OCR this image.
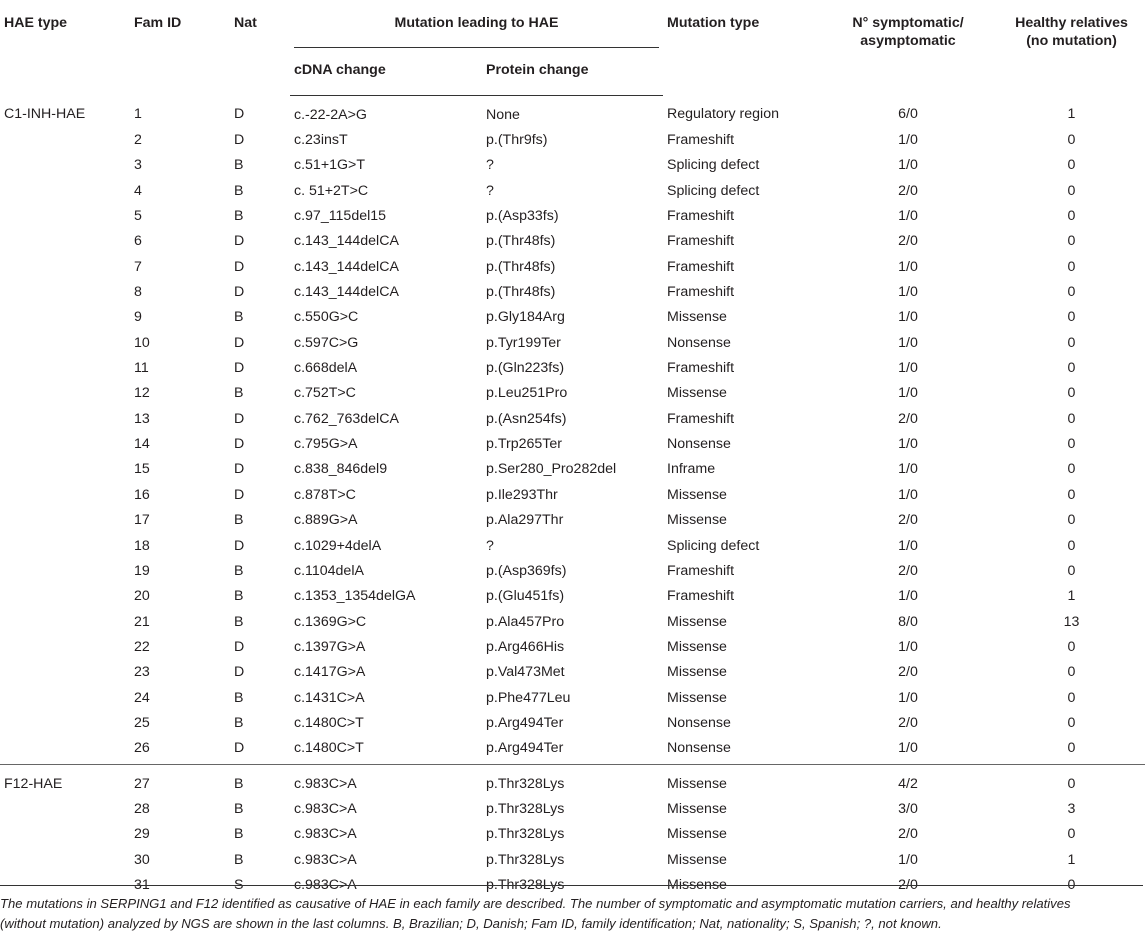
HAE type	Fam ID	Nat	Mutation leading to HAE		Mutation type	N° symptomatic/
asymptomatic	Healthy relatives
(no mutation)
			cDNA change	Protein change			
C1-INH-HAE	1	D	c.-22-2A>G	None	Regulatory region	6/0	1
	2	D	c.23insT	p.(Thr9fs)	Frameshift	1/0	0
	3	B	c.51+1G>T	?	Splicing defect	1/0	0
	4	B	c. 51+2T>C	?	Splicing defect	2/0	0
	5	B	c.97_115del15	p.(Asp33fs)	Frameshift	1/0	0
	6	D	c.143_144delCA	p.(Thr48fs)	Frameshift	2/0	0
	7	D	c.143_144delCA	p.(Thr48fs)	Frameshift	1/0	0
	8	D	c.143_144delCA	p.(Thr48fs)	Frameshift	1/0	0
	9	B	c.550G>C	p.Gly184Arg	Missense	1/0	0
	10	D	c.597C>G	p.Tyr199Ter	Nonsense	1/0	0
	11	D	c.668delA	p.(Gln223fs)	Frameshift	1/0	0
	12	B	c.752T>C	p.Leu251Pro	Missense	1/0	0
	13	D	c.762_763delCA	p.(Asn254fs)	Frameshift	2/0	0
	14	D	c.795G>A	p.Trp265Ter	Nonsense	1/0	0
	15	D	c.838_846del9	p.Ser280_Pro282del	Inframe	1/0	0
	16	D	c.878T>C	p.Ile293Thr	Missense	1/0	0
	17	B	c.889G>A	p.Ala297Thr	Missense	2/0	0
	18	D	c.1029+4delA	?	Splicing defect	1/0	0
	19	B	c.1104delA	p.(Asp369fs)	Frameshift	2/0	0
	20	B	c.1353_1354delGA	p.(Glu451fs)	Frameshift	1/0	1
	21	B	c.1369G>C	p.Ala457Pro	Missense	8/0	13
	22	D	c.1397G>A	p.Arg466His	Missense	1/0	0
	23	D	c.1417G>A	p.Val473Met	Missense	2/0	0
	24	B	c.1431C>A	p.Phe477Leu	Missense	1/0	0
	25	B	c.1480C>T	p.Arg494Ter	Nonsense	2/0	0
	26	D	c.1480C>T	p.Arg494Ter	Nonsense	1/0	0
F12-HAE	27	B	c.983C>A	p.Thr328Lys	Missense	4/2	0
	28	B	c.983C>A	p.Thr328Lys	Missense	3/0	3
	29	B	c.983C>A	p.Thr328Lys	Missense	2/0	0
	30	B	c.983C>A	p.Thr328Lys	Missense	1/0	1
	31	S	c.983C>A	p.Thr328Lys	Missense	2/0	0
The mutations in SERPING1 and F12 identified as causative of HAE in each family are described. The number of symptomatic and asymptomatic mutation carriers, and healthy relatives
(without mutation) analyzed by NGS are shown in the last columns. B, Brazilian; D, Danish; Fam ID, family identification; Nat, nationality; S, Spanish; ?, not known.
